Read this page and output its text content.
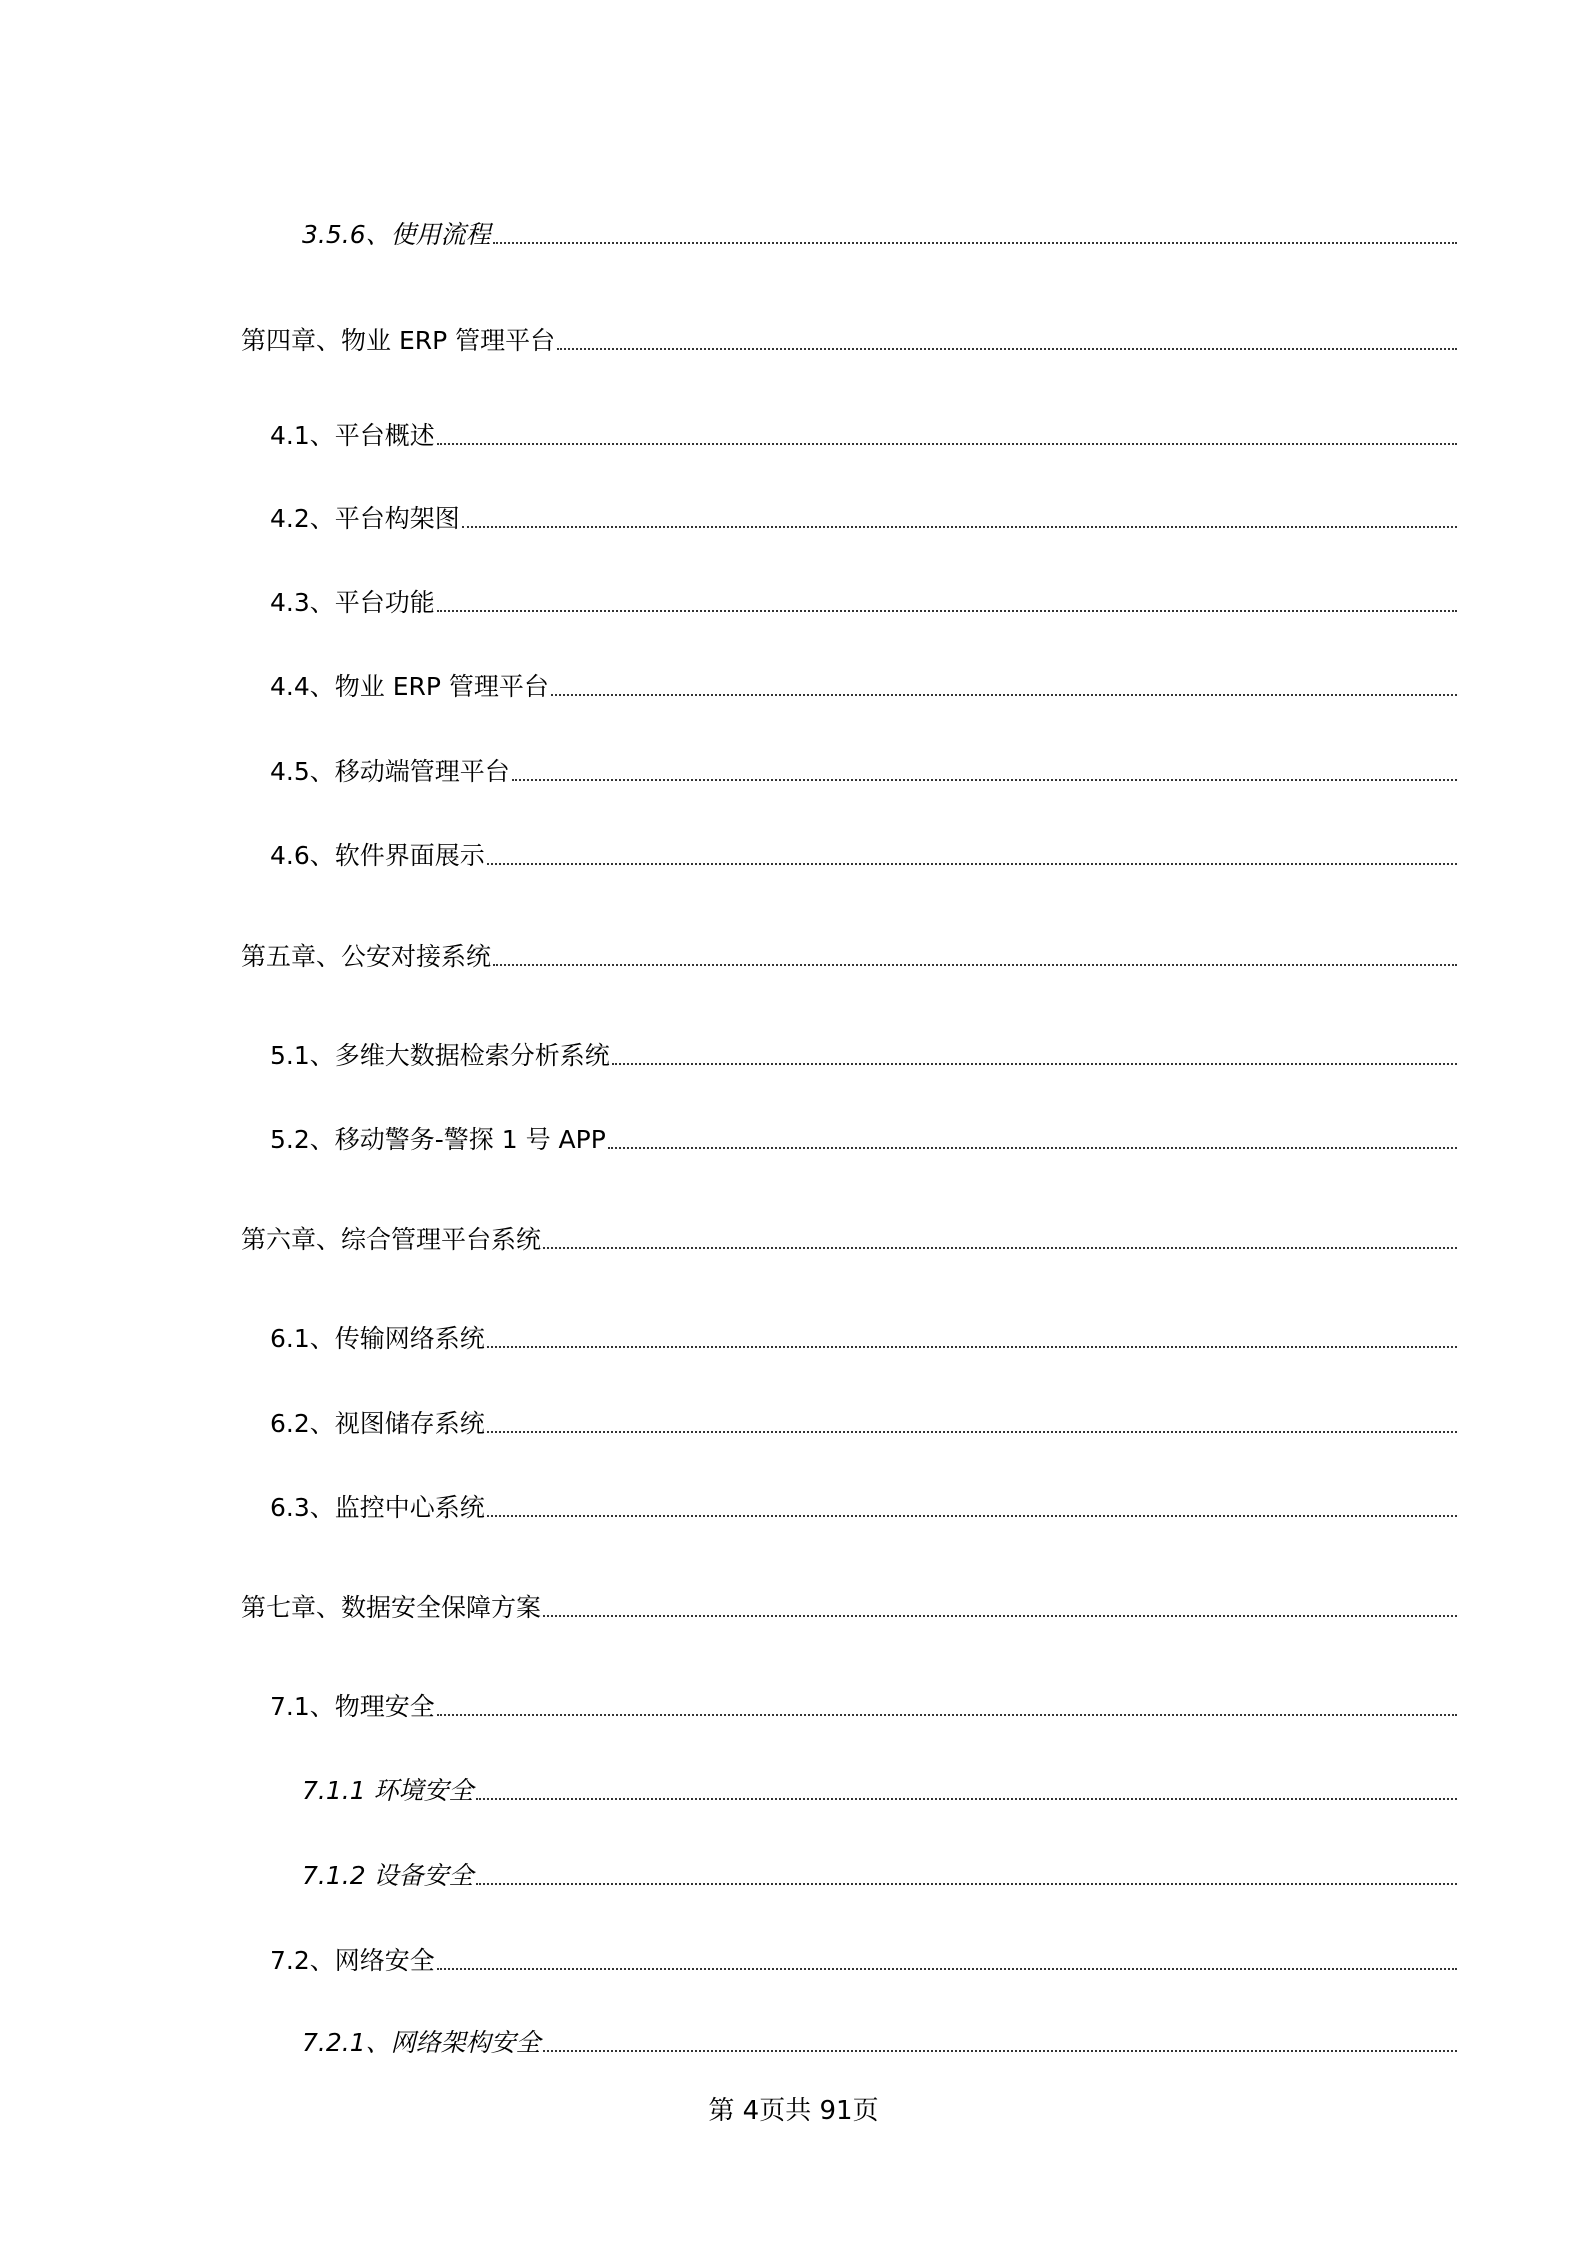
3.5.6、使用流程
第四章、物业 ERP 管理平台
4.1、平台概述
4.2、平台构架图
4.3、平台功能
4.4、物业 ERP 管理平台
4.5、移动端管理平台
4.6、软件界面展示
第五章、公安对接系统
5.1、多维大数据检索分析系统
5.2、移动警务-警探 1 号 APP
第六章、综合管理平台系统
6.1、传输网络系统
6.2、视图储存系统
6.3、监控中心系统
第七章、数据安全保障方案
7.1、物理安全
7.1.1 环境安全
7.1.2 设备安全
7.2、网络安全
7.2.1、网络架构安全
第 4页共 91页
